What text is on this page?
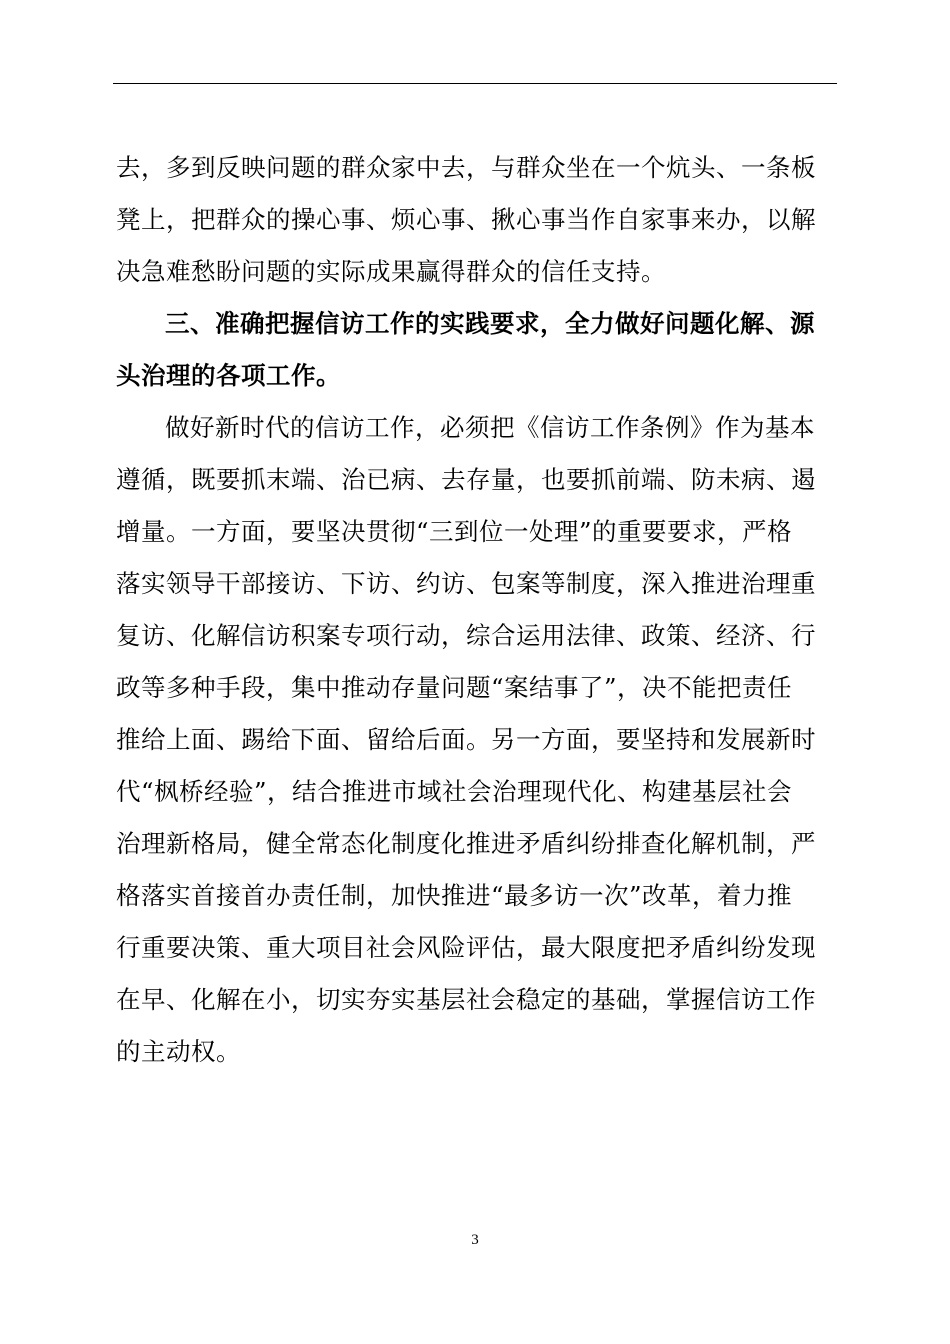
去，多到反映问题的群众家中去，与群众坐在一个炕头、一条板
凳上，把群众的操心事、烦心事、揪心事当作自家事来办，以解
决急难愁盼问题的实际成果赢得群众的信任支持。
三、准确把握信访工作的实践要求，全力做好问题化解、源
头治理的各项工作。
做好新时代的信访工作，必须把《信访工作条例》作为基本
遵循，既要抓末端、治已病、去存量，也要抓前端、防未病、遏
增量。一方面，要坚决贯彻“三到位一处理”的重要要求，严格
落实领导干部接访、下访、约访、包案等制度，深入推进治理重
复访、化解信访积案专项行动，综合运用法律、政策、经济、行
政等多种手段，集中推动存量问题“案结事了”，决不能把责任
推给上面、踢给下面、留给后面。另一方面，要坚持和发展新时
代“枫桥经验”，结合推进市域社会治理现代化、构建基层社会
治理新格局，健全常态化制度化推进矛盾纠纷排查化解机制，严
格落实首接首办责任制，加快推进“最多访一次”改革，着力推
行重要决策、重大项目社会风险评估，最大限度把矛盾纠纷发现
在早、化解在小，切实夯实基层社会稳定的基础，掌握信访工作
的主动权。
3
